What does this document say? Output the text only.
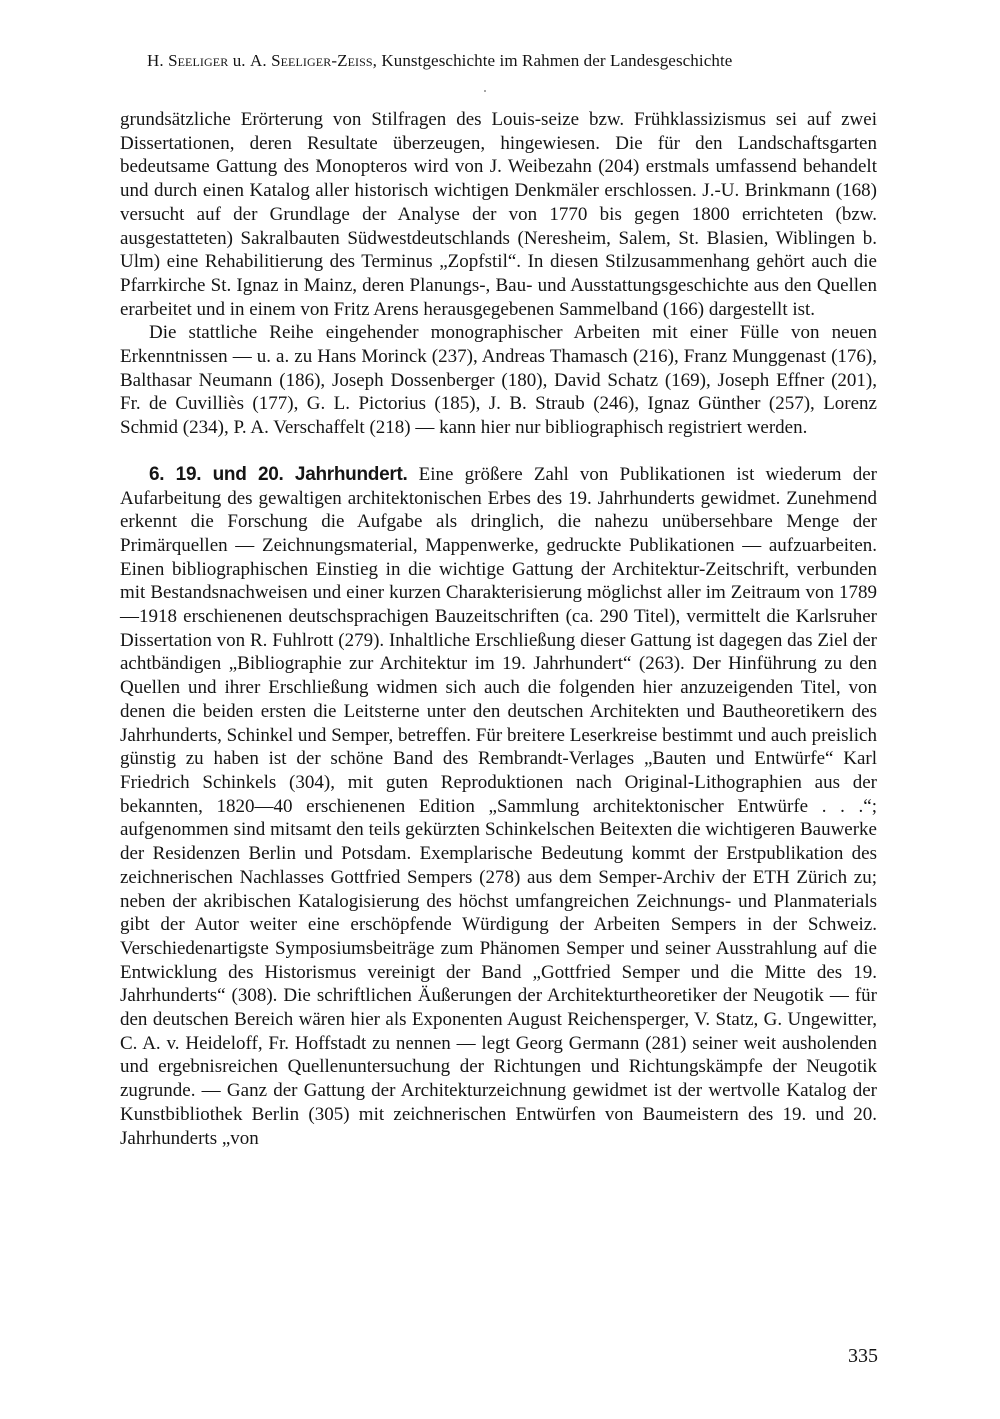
H. Seeliger u. A. Seeliger-Zeiss, Kunstgeschichte im Rahmen der Landesgeschichte

grundsätzliche Erörterung von Stilfragen des Louis-seize bzw. Frühklassizismus sei auf zwei Dissertationen, deren Resultate überzeugen, hingewiesen. Die für den Landschaftsgarten bedeutsame Gattung des Monopteros wird von J. Weibezahn (204) erstmals umfassend behandelt und durch einen Katalog aller historisch wichtigen Denkmäler erschlossen. J.-U. Brinkmann (168) versucht auf der Grundlage der Analyse der von 1770 bis gegen 1800 errichteten (bzw. ausgestatteten) Sakralbauten Südwestdeutschlands (Neresheim, Salem, St. Blasien, Wiblingen b. Ulm) eine Rehabilitierung des Terminus „Zopfstil“. In diesen Stilzusammenhang gehört auch die Pfarrkirche St. Ignaz in Mainz, deren Planungs-, Bau- und Ausstattungsgeschichte aus den Quellen erarbeitet und in einem von Fritz Arens herausgegebenen Sammelband (166) dargestellt ist.

Die stattliche Reihe eingehender monographischer Arbeiten mit einer Fülle von neuen Erkenntnissen — u. a. zu Hans Morinck (237), Andreas Thamasch (216), Franz Munggenast (176), Balthasar Neumann (186), Joseph Dossenberger (180), David Schatz (169), Joseph Effner (201), Fr. de Cuvilliès (177), G. L. Pictorius (185), J. B. Straub (246), Ignaz Günther (257), Lorenz Schmid (234), P. A. Verschaffelt (218) — kann hier nur bibliographisch registriert werden.

6. 19. und 20. Jahrhundert. Eine größere Zahl von Publikationen ist wiederum der Aufarbeitung des gewaltigen architektonischen Erbes des 19. Jahrhunderts gewidmet. Zunehmend erkennt die Forschung die Aufgabe als dringlich, die nahezu unübersehbare Menge der Primärquellen — Zeichnungsmaterial, Mappenwerke, gedruckte Publikationen — aufzuarbeiten. Einen bibliographischen Einstieg in die wichtige Gattung der Architektur-Zeitschrift, verbunden mit Bestandsnachweisen und einer kurzen Charakterisierung möglichst aller im Zeitraum von 1789—1918 erschienenen deutschsprachigen Bauzeitschriften (ca. 290 Titel), vermittelt die Karlsruher Dissertation von R. Fuhlrott (279). Inhaltliche Erschließung dieser Gattung ist dagegen das Ziel der achtbändigen „Bibliographie zur Architektur im 19. Jahrhundert“ (263). Der Hinführung zu den Quellen und ihrer Erschließung widmen sich auch die folgenden hier anzuzeigenden Titel, von denen die beiden ersten die Leitsterne unter den deutschen Architekten und Bautheoretikern des Jahrhunderts, Schinkel und Semper, betreffen. Für breitere Leserkreise bestimmt und auch preislich günstig zu haben ist der schöne Band des Rembrandt-Verlages „Bauten und Entwürfe“ Karl Friedrich Schinkels (304), mit guten Reproduktionen nach Original-Lithographien aus der bekannten, 1820—40 erschienenen Edition „Sammlung architektonischer Entwürfe . . .“; aufgenommen sind mitsamt den teils gekürzten Schinkelschen Beitexten die wichtigeren Bauwerke der Residenzen Berlin und Potsdam. Exemplarische Bedeutung kommt der Erstpublikation des zeichnerischen Nachlasses Gottfried Sempers (278) aus dem Semper-Archiv der ETH Zürich zu; neben der akribischen Katalogisierung des höchst umfangreichen Zeichnungs- und Planmaterials gibt der Autor weiter eine erschöpfende Würdigung der Arbeiten Sempers in der Schweiz. Verschiedenartigste Symposiumsbeiträge zum Phänomen Semper und seiner Ausstrahlung auf die Entwicklung des Historismus vereinigt der Band „Gottfried Semper und die Mitte des 19. Jahrhunderts“ (308). Die schriftlichen Äußerungen der Architekturtheoretiker der Neugotik — für den deutschen Bereich wären hier als Exponenten August Reichensperger, V. Statz, G. Ungewitter, C. A. v. Heideloff, Fr. Hoffstadt zu nennen — legt Georg Germann (281) seiner weit ausholenden und ergebnisreichen Quellenuntersuchung der Richtungen und Richtungskämpfe der Neugotik zugrunde. — Ganz der Gattung der Architekturzeichnung gewidmet ist der wertvolle Katalog der Kunstbibliothek Berlin (305) mit zeichnerischen Entwürfen von Baumeistern des 19. und 20. Jahrhunderts „von

335
